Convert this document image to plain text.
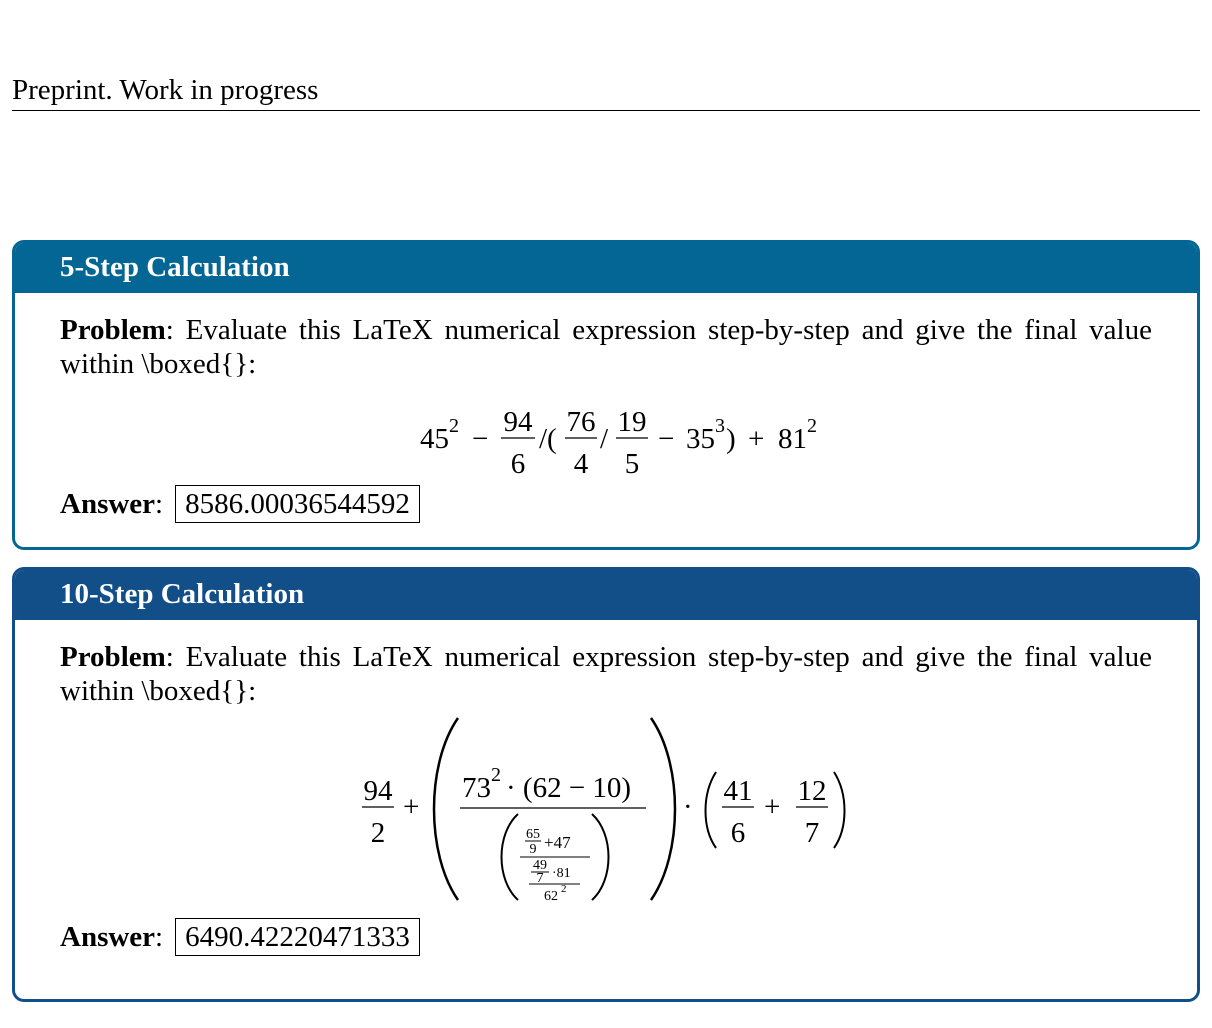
Preprint. Work in progress
5-Step Calculation

Problem: Evaluate this LaTeX numerical expression step-by-step and give the final value within \boxed{}:

45 2 −
94
6
/(
76
4
/
19
5
− 35 3 ) + 81 2
Answer : 8586.00036544592
10-Step Calculation

Problem: Evaluate this LaTeX numerical expression step-by-step and give the final value within \boxed{}:

94
2
+
73 2 · (62 − 10)
65
9 +47
49
7 ·81
62 2
· 41
6
+ 12
7
Answer : 6490.42220471333
